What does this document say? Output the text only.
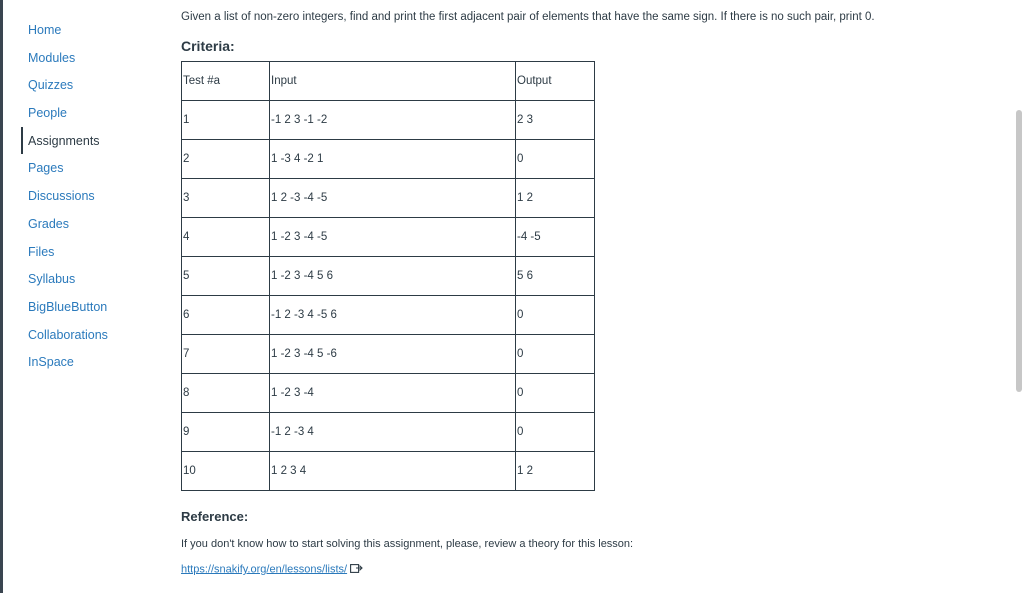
Home
Modules
Quizzes
People
Assignments
Pages
Discussions
Grades
Files
Syllabus
BigBlueButton
Collaborations
InSpace

Given a list of non-zero integers, find and print the first adjacent pair of elements that have the same sign. If there is no such pair, print 0.

Criteria:
Test #a	Input	Output
1	-1 2 3 -1 -2	2 3
2	1 -3 4 -2 1	0
3	1 2 -3 -4 -5	1 2
4	1 -2 3 -4 -5	-4 -5
5	1 -2 3 -4 5 6	5 6
6	-1 2 -3 4 -5 6	0
7	1 -2 3 -4 5 -6	0
8	1 -2 3 -4	0
9	-1 2 -3 4	0
10	1 2 3 4	1 2
Reference:
If you don't know how to start solving this assignment, please, review a theory for this lesson:
https://snakify.org/en/lessons/lists/
